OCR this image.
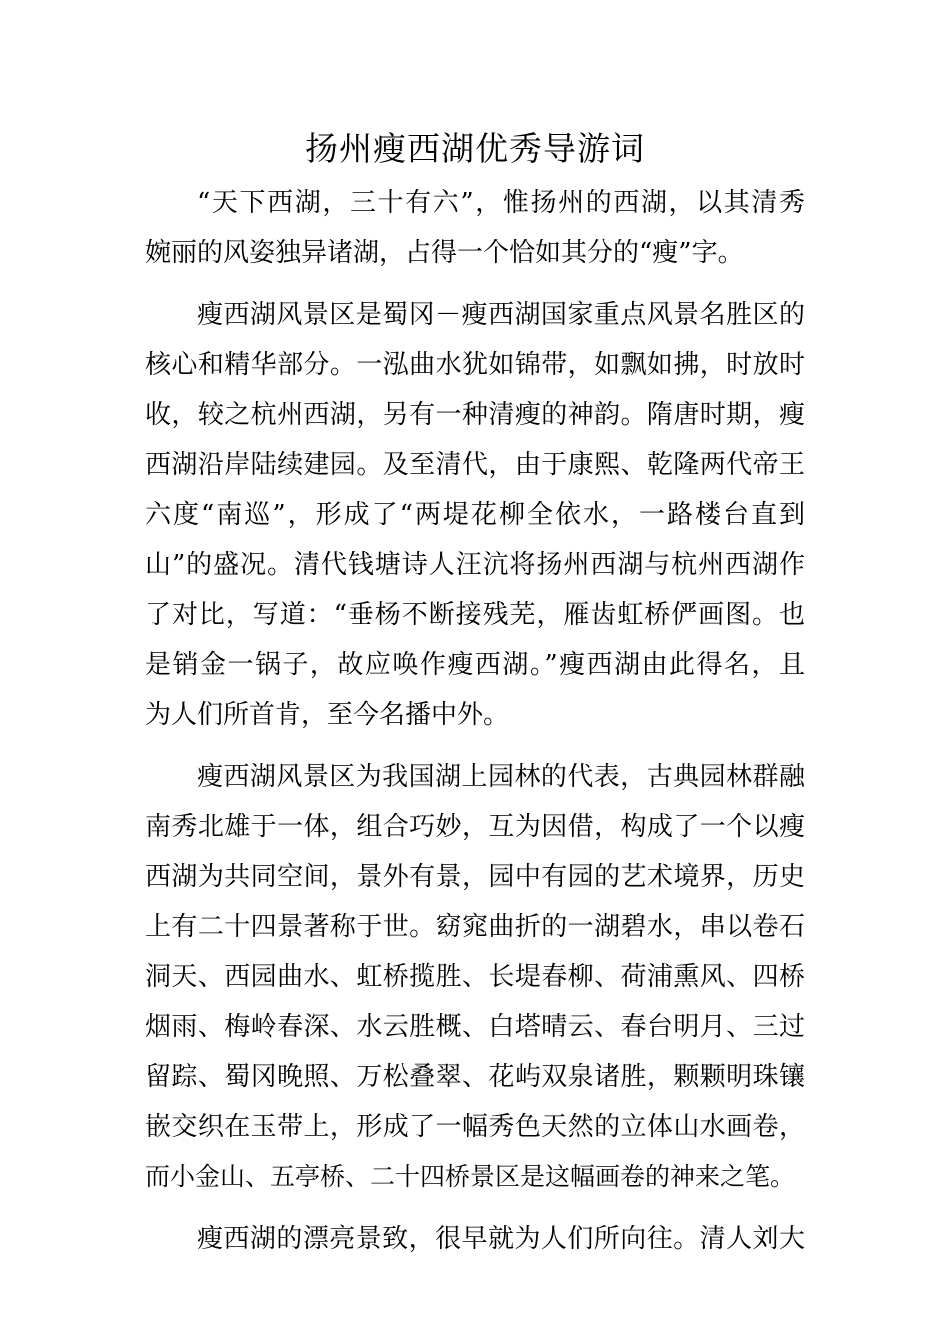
扬州瘦西湖优秀导游词
“天下西湖，三十有六”，惟扬州的西湖，以其清秀
婉丽的风姿独异诸湖，占得一个恰如其分的“瘦”字。
瘦西湖风景区是蜀冈－瘦西湖国家重点风景名胜区的
核心和精华部分。一泓曲水犹如锦带，如飘如拂，时放时
收，较之杭州西湖，另有一种清瘦的神韵。隋唐时期，瘦
西湖沿岸陆续建园。及至清代，由于康熙、乾隆两代帝王
六度“南巡”，形成了“两堤花柳全依水，一路楼台直到
山”的盛况。清代钱塘诗人汪沆将扬州西湖与杭州西湖作
了对比，写道：“垂杨不断接残芜，雁齿虹桥俨画图。也
是销金一锅子，故应唤作瘦西湖。”瘦西湖由此得名，且
为人们所首肯，至今名播中外。
瘦西湖风景区为我国湖上园林的代表，古典园林群融
南秀北雄于一体，组合巧妙，互为因借，构成了一个以瘦
西湖为共同空间，景外有景，园中有园的艺术境界，历史
上有二十四景著称于世。窈窕曲折的一湖碧水，串以卷石
洞天、西园曲水、虹桥揽胜、长堤春柳、荷浦熏风、四桥
烟雨、梅岭春深、水云胜概、白塔晴云、春台明月、三过
留踪、蜀冈晚照、万松叠翠、花屿双泉诸胜，颗颗明珠镶
嵌交织在玉带上，形成了一幅秀色天然的立体山水画卷，
而小金山、五亭桥、二十四桥景区是这幅画卷的神来之笔。
瘦西湖的漂亮景致，很早就为人们所向往。清人刘大
